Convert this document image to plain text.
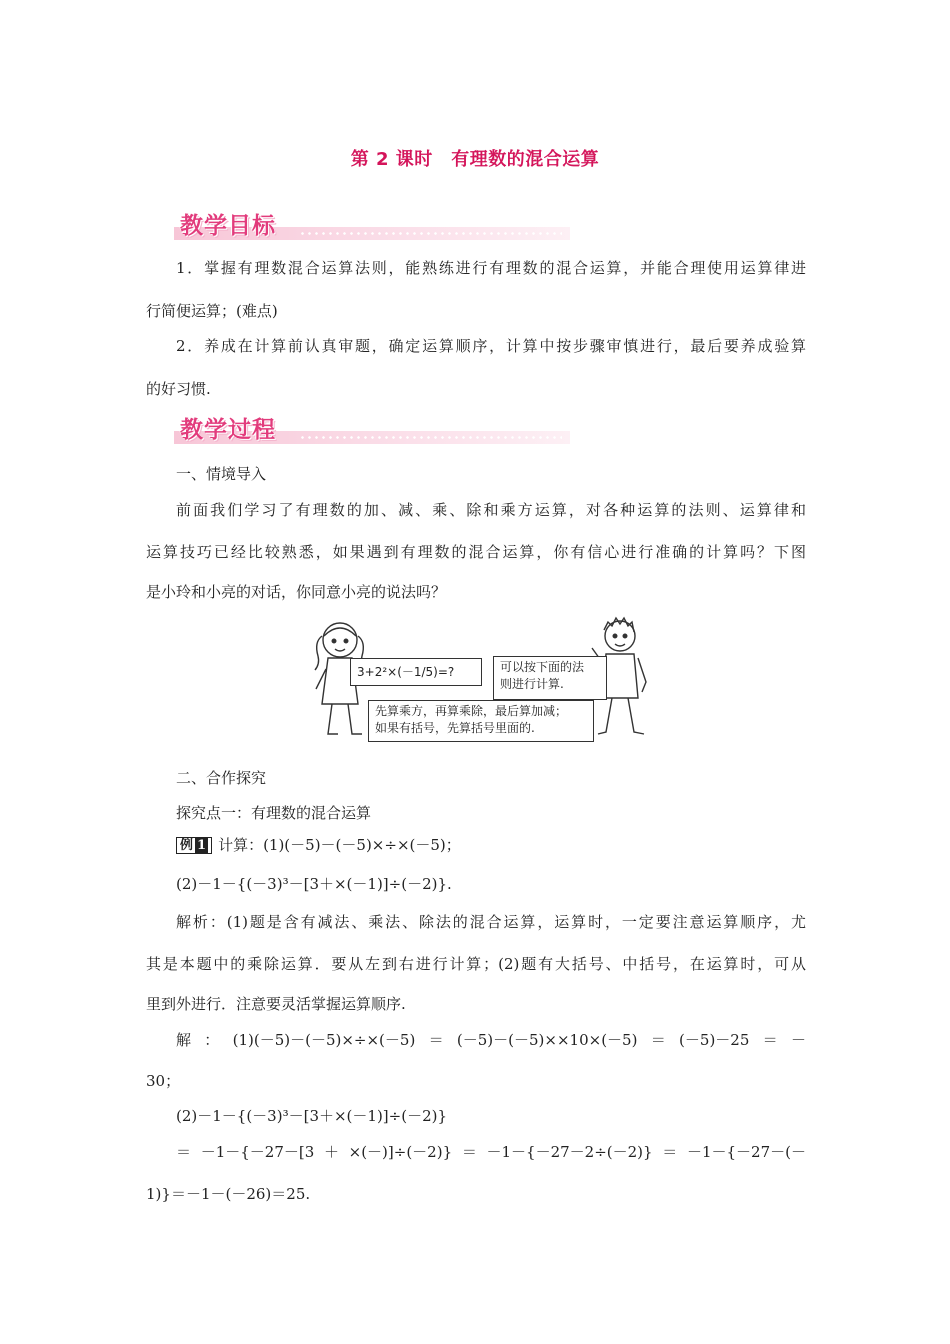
第 2 课时　有理数的混合运算
教学目标
1．掌握有理数混合运算法则，能熟练进行有理数的混合运算，并能合理使用运算律进
行简便运算；(难点)
2．养成在计算前认真审题，确定运算顺序，计算中按步骤审慎进行，最后要养成验算
的好习惯.
教学过程
一、情境导入
前面我们学习了有理数的加、减、乘、除和乘方运算，对各种运算的法则、运算律和
运算技巧已经比较熟悉，如果遇到有理数的混合运算，你有信心进行准确的计算吗？下图
是小玲和小亮的对话，你同意小亮的说法吗？
3+2²×(－1/5)=?	可以按下面的法
则进行计算.
先算乘方，再算乘除，最后算加减；
如果有括号，先算括号里面的.
二、合作探究
探究点一：有理数的混合运算
例 1 计算：(1)(－5)－(－5)×÷×(－5)；
(2)－1－{(－3)³－[3＋×(－1)]÷(－2)}.
解析：(1)题是含有减法、乘法、除法的混合运算，运算时，一定要注意运算顺序，尤
其是本题中的乘除运算．要从左到右进行计算；(2)题有大括号、中括号，在运算时，可从
里到外进行．注意要灵活掌握运算顺序.
解：(1)(－5)－(－5)×÷×(－5)＝(－5)－(－5)××10×(－5)＝(－5)－25＝－
30；
(2)－1－{(－3)³－[3＋×(－1)]÷(－2)}
＝－1－{－27－[3＋×(－)]÷(－2)}＝－1－{－27－2÷(－2)}＝－1－{－27－(－
1)}＝－1－(－26)＝25.
